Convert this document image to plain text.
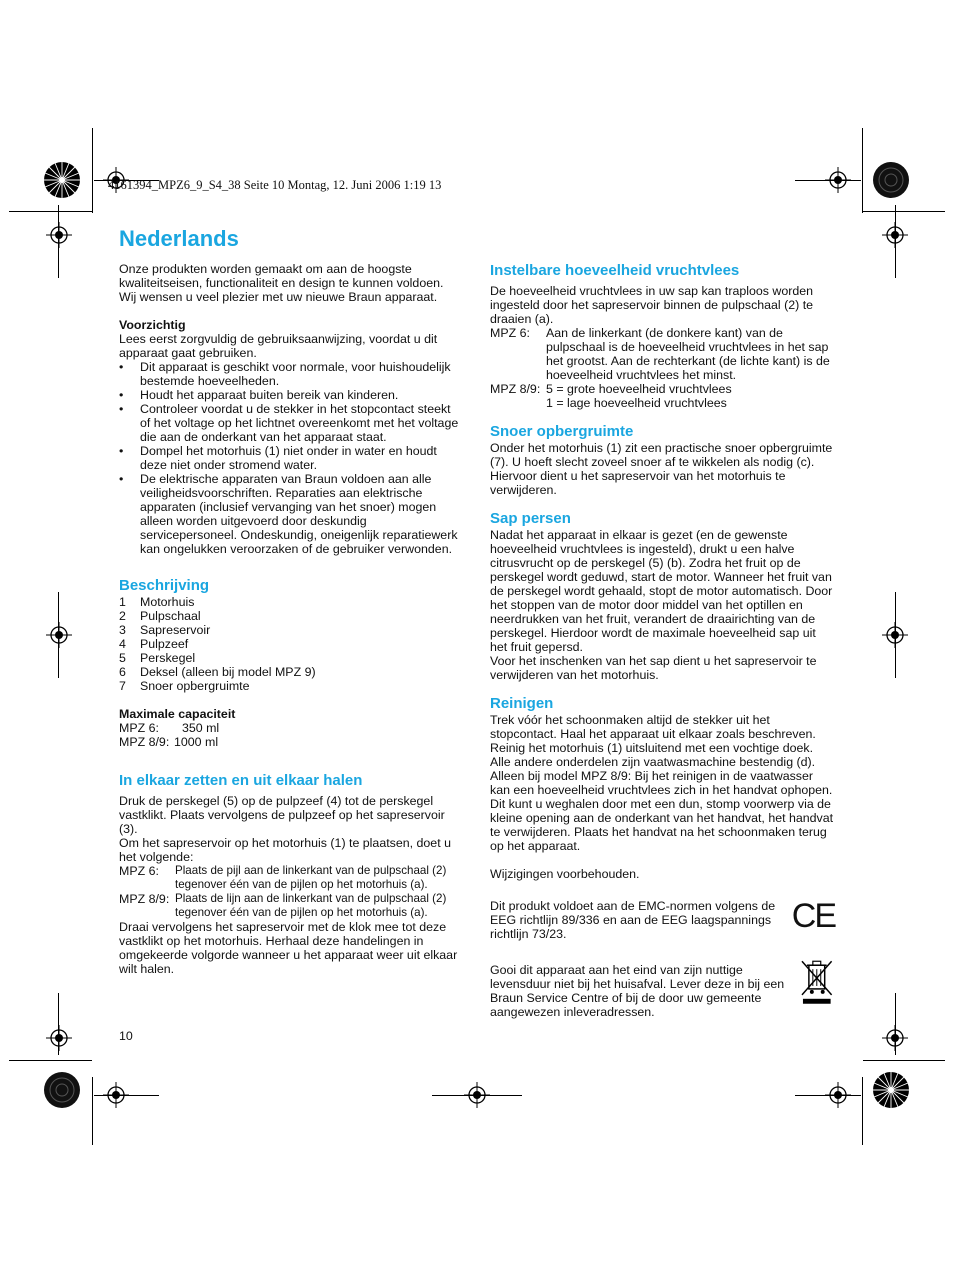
4161394_MPZ6_9_S4_38 Seite 10 Montag, 12. Juni 2006 1:19 13
Nederlands

Onze produkten worden gemaakt om aan de hoogste kwaliteitseisen, functionaliteit en design te kunnen voldoen. Wij wensen u veel plezier met uw nieuwe Braun apparaat.

Voorzichtig

Lees eerst zorgvuldig de gebruiksaanwijzing, voordat u dit apparaat gaat gebruiken.

• Dit apparaat is geschikt voor normale, voor huishoudelijk bestemde hoeveelheden.

• Houdt het apparaat buiten bereik van kinderen.

• Controleer voordat u de stekker in het stopcontact steekt of het voltage op het lichtnet overeenkomt met het voltage die aan de onderkant van het apparaat staat.

• Dompel het motorhuis (1) niet onder in water en houdt deze niet onder stromend water.

• De elektrische apparaten van Braun voldoen aan alle veiligheidsvoorschriften. Reparaties aan elektrische apparaten (inclusief vervanging van het snoer) mogen alleen worden uitgevoerd door deskundig servicepersoneel. Ondeskundig, oneigenlijk reparatiewerk kan ongelukken veroorzaken of de gebruiker verwonden.

Beschrijving

1	Motorhuis
2	Pulpschaal
3	Sapreservoir
4	Pulpzeef
5	Perskegel
6	Deksel (alleen bij model MPZ 9)
7	Snoer opbergruimte

Maximale capaciteit

MPZ 6:	350 ml
MPZ 8/9: 1000 ml

In elkaar zetten en uit elkaar halen

Druk de perskegel (5) op de pulpzeef (4) tot de perskegel vastklikt. Plaats vervolgens de pulpzeef op het sapreservoir (3).

Om het sapreservoir op het motorhuis (1) te plaatsen, doet u het volgende:

MPZ 6:	Plaats de pijl aan de linkerkant van de pulpschaal (2) tegenover één van de pijlen op het motorhuis (a).
MPZ 8/9: Plaats de lijn aan de linkerkant van de pulpschaal (2) tegenover één van de pijlen op het motorhuis (a).

Draai vervolgens het sapreservoir met de klok mee tot deze vastklikt op het motorhuis. Herhaal deze handelingen in omgekeerde volgorde wanneer u het apparaat weer uit elkaar wilt halen.

Instelbare hoeveelheid vruchtvlees

De hoeveelheid vruchtvlees in uw sap kan traploos worden ingesteld door het sapreservoir binnen de pulpschaal (2) te draaien (a).

MPZ 6:	Aan de linkerkant (de donkere kant) van de pulpschaal is de hoeveelheid vruchtvlees in het sap het grootst. Aan de rechterkant (de lichte kant) is de hoeveelheid vruchtvlees het minst.
MPZ 8/9: 5 = grote hoeveelheid vruchtvlees
1 = lage hoeveelheid vruchtvlees

Snoer opbergruimte

Onder het motorhuis (1) zit een practische snoer opbergruimte (7). U hoeft slecht zoveel snoer af te wikkelen als nodig (c). Hiervoor dient u het sapreservoir van het motorhuis te verwijderen.

Sap persen

Nadat het apparaat in elkaar is gezet (en de gewenste hoeveelheid vruchtvlees is ingesteld), drukt u een halve citrusvrucht op de perskegel (5) (b). Zodra het fruit op de perskegel wordt geduwd, start de motor. Wanneer het fruit van de perskegel wordt gehaald, stopt de motor automatisch. Door het stoppen van de motor door middel van het optillen en neerdrukken van het fruit, verandert de draairichting van de perskegel. Hierdoor wordt de maximale hoeveelheid sap uit het fruit gepersd.

Voor het inschenken van het sap dient u het sapreservoir te verwijderen van het motorhuis.

Reinigen

Trek vóór het schoonmaken altijd de stekker uit het stopcontact. Haal het apparaat uit elkaar zoals beschreven. Reinig het motorhuis (1) uitsluitend met een vochtige doek. Alle andere onderdelen zijn vaatwasmachine bestendig (d). Alleen bij model MPZ 8/9: Bij het reinigen in de vaatwasser kan een hoeveelheid vruchtvlees zich in het handvat ophopen. Dit kunt u weghalen door met een dun, stomp voorwerp via de kleine opening aan de onderkant van het handvat, het handvat te verwijderen. Plaats het handvat na het schoonmaken terug op het apparaat.

Wijzigingen voorbehouden.

Dit produkt voldoet aan de EMC-normen volgens de EEG richtlijn 89/336 en aan de EEG laagspannings richtlijn 73/23.	CE

Gooi dit apparaat aan het eind van zijn nuttige levensduur niet bij het huisafval. Lever deze in bij een Braun Service Centre of bij de door uw gemeente aangewezen inleveradressen.

10
